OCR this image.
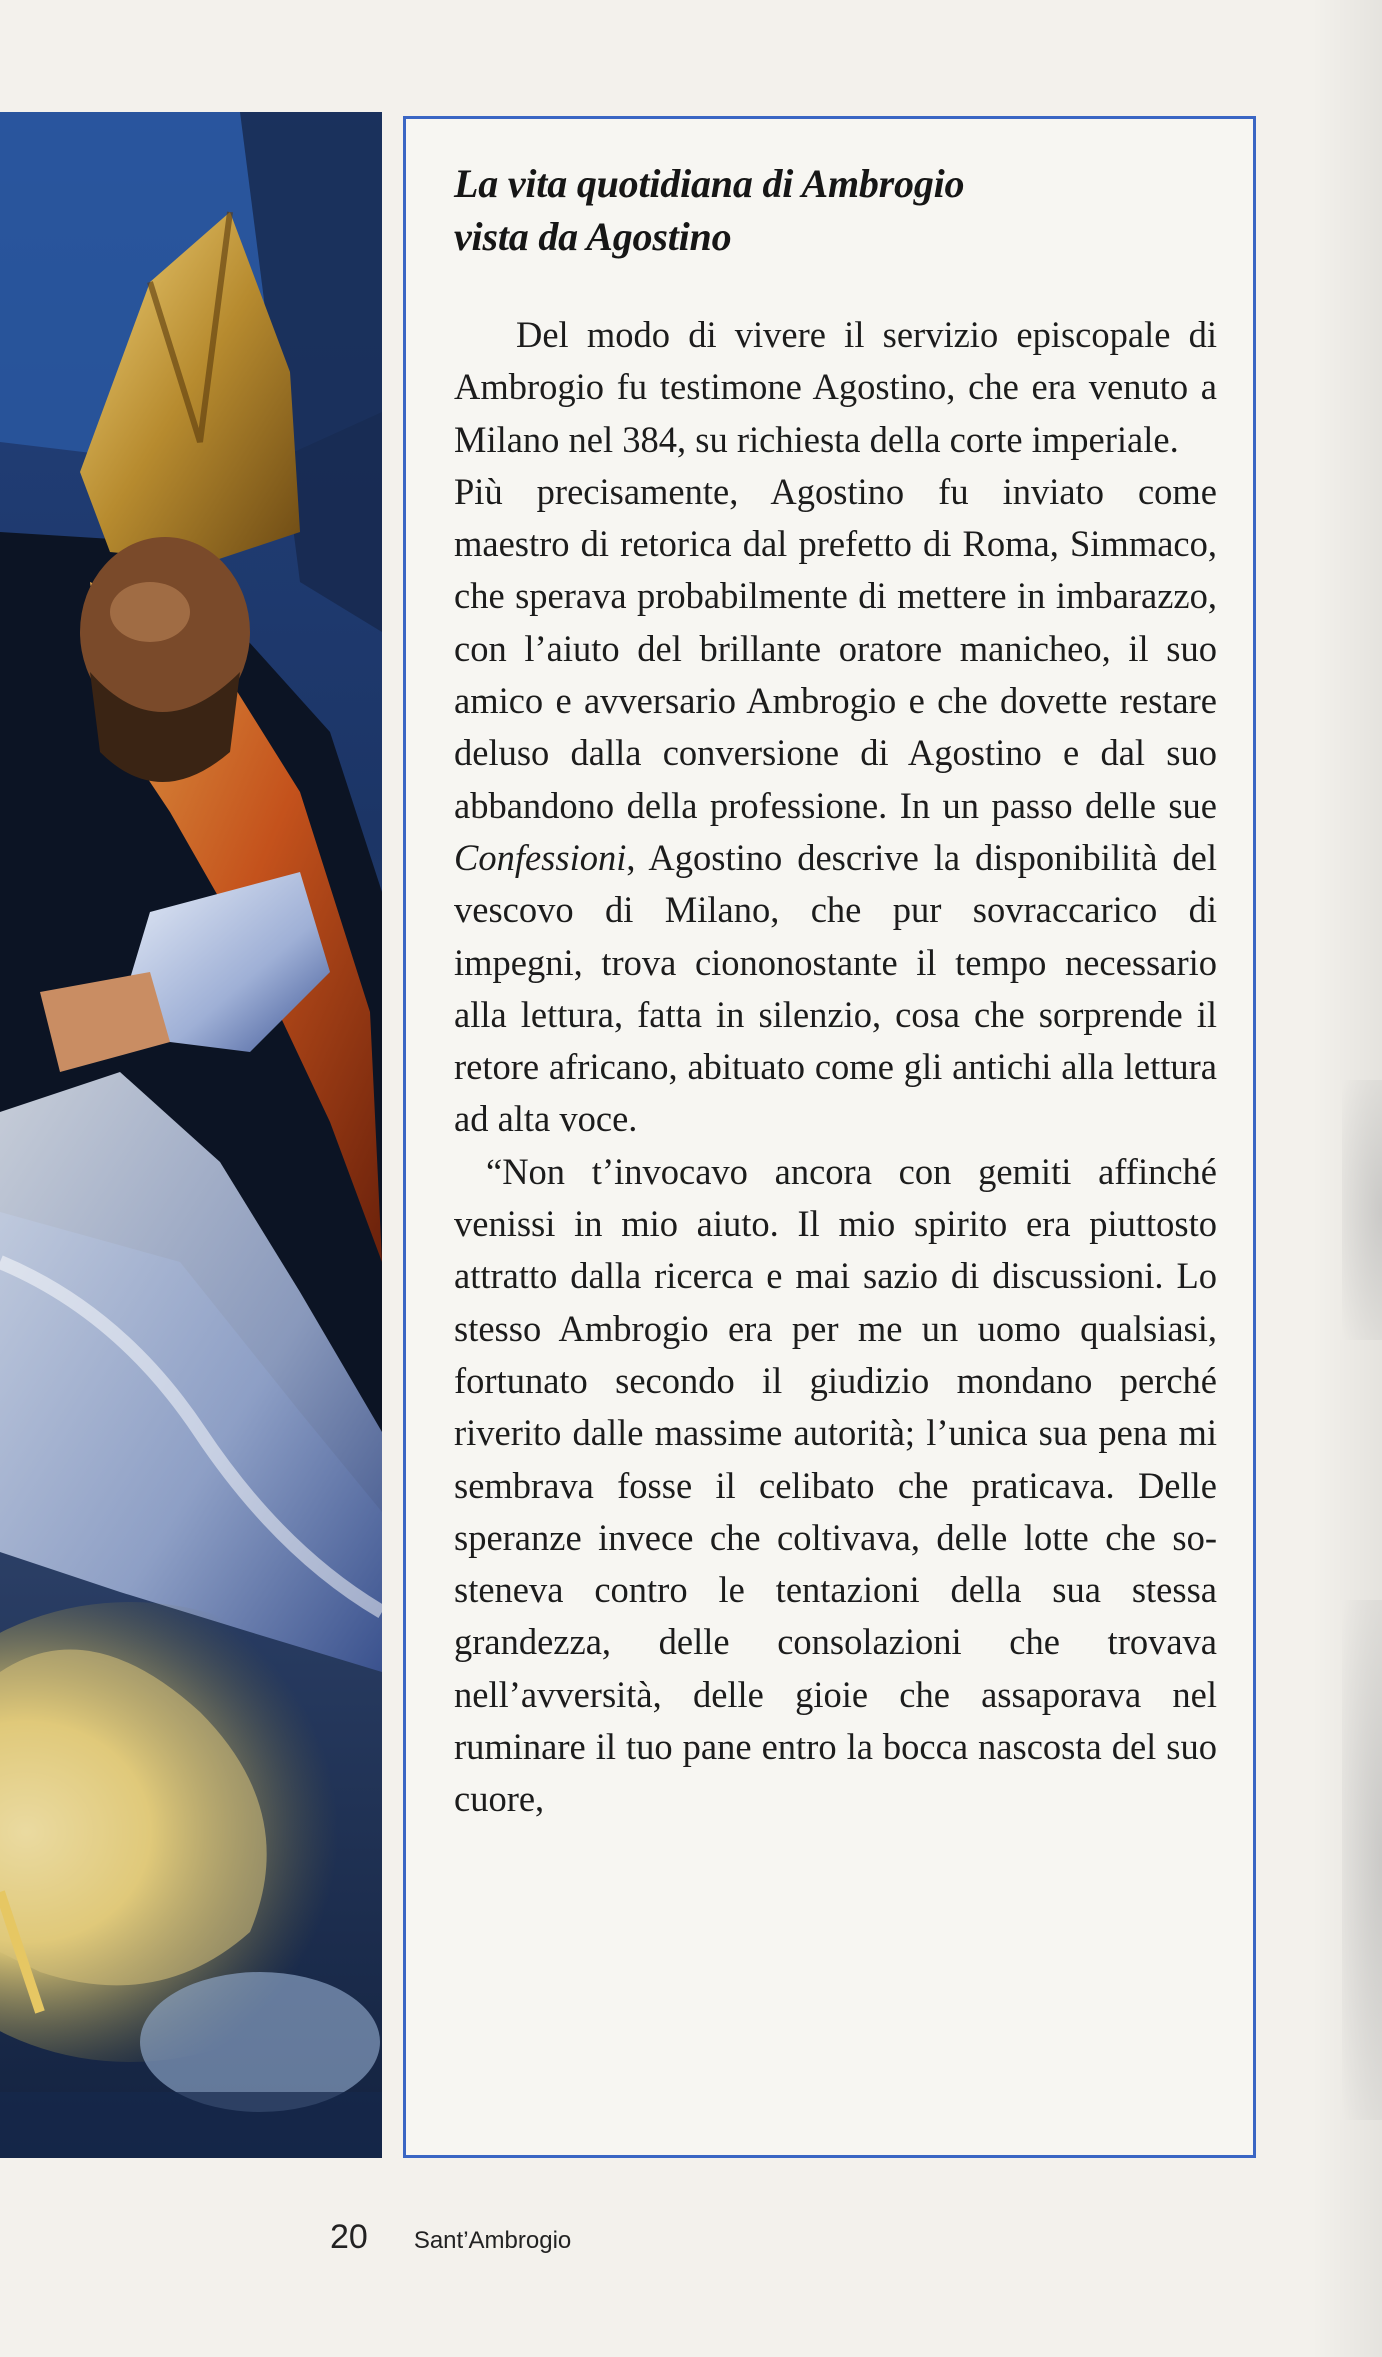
La vita quotidiana di Ambrogio
vista da Agostino

Del modo di vivere il servizio episcopale di Ambrogio fu testimone Agostino, che era venuto a Milano nel 384, su richiesta della corte imperiale.

Più precisamente, Agostino fu inviato come maestro di retorica dal prefetto di Roma, Simmaco, che sperava probabilmente di mettere in imbarazzo, con l’aiuto del brillante oratore manicheo, il suo amico e avversario Ambrogio e che dovette restare deluso dalla conversione di Agostino e dal suo abbandono della professione. In un passo delle sue Confessioni, Agostino descrive la disponibilità del vescovo di Milano, che pur sovraccarico di impegni, trova ciononostante il tempo necessario alla lettura, fatta in silenzio, cosa che sorprende il retore africano, abituato come gli antichi alla lettura ad alta voce.

“Non t’invocavo ancora con gemiti affinché venissi in mio aiuto. Il mio spirito era piuttosto attratto dalla ricerca e mai sazio di discussioni. Lo stesso Ambrogio era per me un uomo qualsiasi, fortunato secondo il giudizio mondano perché riverito dalle massime autorità; l’unica sua pena mi sembrava fosse il celibato che praticava. Delle speranze invece che coltivava, delle lotte che sosteneva contro le tentazioni della sua stessa grandezza, delle consolazioni che trovava nell’avversità, delle gioie che assaporava nel ruminare il tuo pane entro la bocca nascosta del suo cuore,

20 Sant’Ambrogio
